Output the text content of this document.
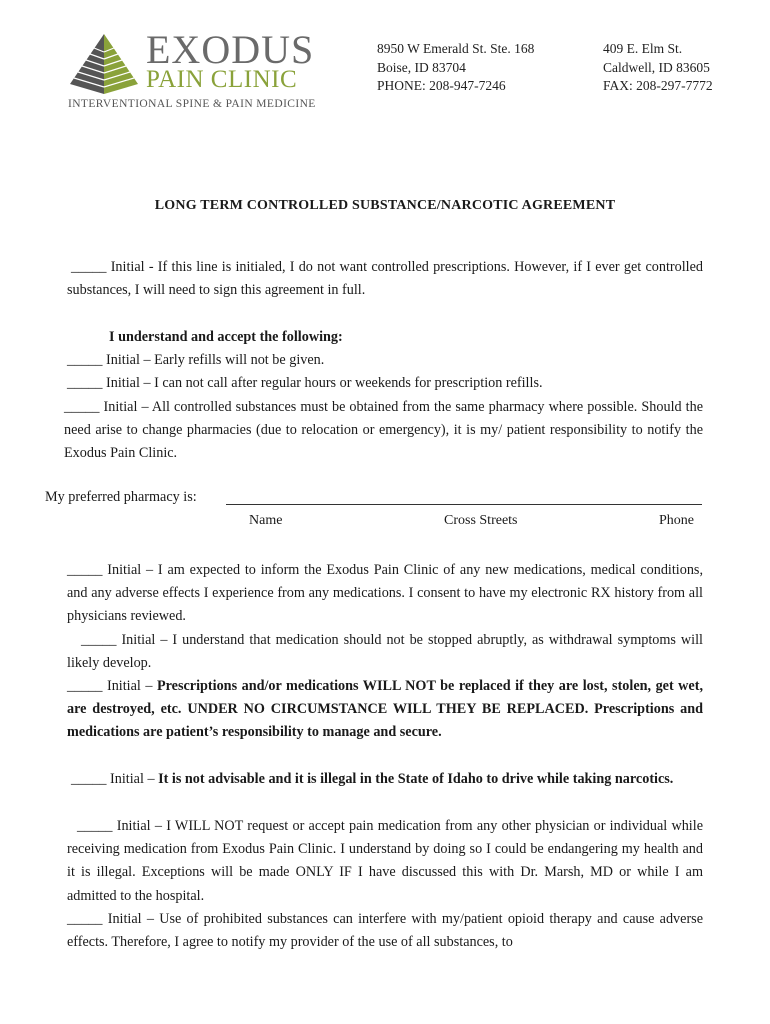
EXODUS
PAIN CLINIC
INTERVENTIONAL SPINE & PAIN MEDICINE
8950 W Emerald St. Ste. 168
Boise, ID 83704
PHONE: 208-947-7246
409 E. Elm St.
Caldwell, ID 83605
FAX: 208-297-7772
LONG TERM CONTROLLED SUBSTANCE/NARCOTIC AGREEMENT
_____ Initial - If this line is initialed, I do not want controlled prescriptions. However, if I ever get controlled substances, I will need to sign this agreement in full.
I understand and accept the following:
_____ Initial – Early refills will not be given.
_____ Initial – I can not call after regular hours or weekends for prescription refills.
_____ Initial – All controlled substances must be obtained from the same pharmacy where possible. Should the need arise to change pharmacies (due to relocation or emergency), it is my/ patient responsibility to notify the Exodus Pain Clinic.
My preferred pharmacy is:
Name	Cross Streets	Phone
_____ Initial – I am expected to inform the Exodus Pain Clinic of any new medications, medical conditions, and any adverse effects I experience from any medications. I consent to have my electronic RX history from all physicians reviewed.
_____ Initial – I understand that medication should not be stopped abruptly, as withdrawal symptoms will likely develop.
_____ Initial – Prescriptions and/or medications WILL NOT be replaced if they are lost, stolen, get wet, are destroyed, etc. UNDER NO CIRCUMSTANCE WILL THEY BE REPLACED. Prescriptions and medications are patient’s responsibility to manage and secure.
_____ Initial – It is not advisable and it is illegal in the State of Idaho to drive while taking narcotics.
_____ Initial – I WILL NOT request or accept pain medication from any other physician or individual while receiving medication from Exodus Pain Clinic. I understand by doing so I could be endangering my health and it is illegal. Exceptions will be made ONLY IF I have discussed this with Dr. Marsh, MD or while I am admitted to the hospital.
_____ Initial – Use of prohibited substances can interfere with my/patient opioid therapy and cause adverse effects. Therefore, I agree to notify my provider of the use of all substances, to
